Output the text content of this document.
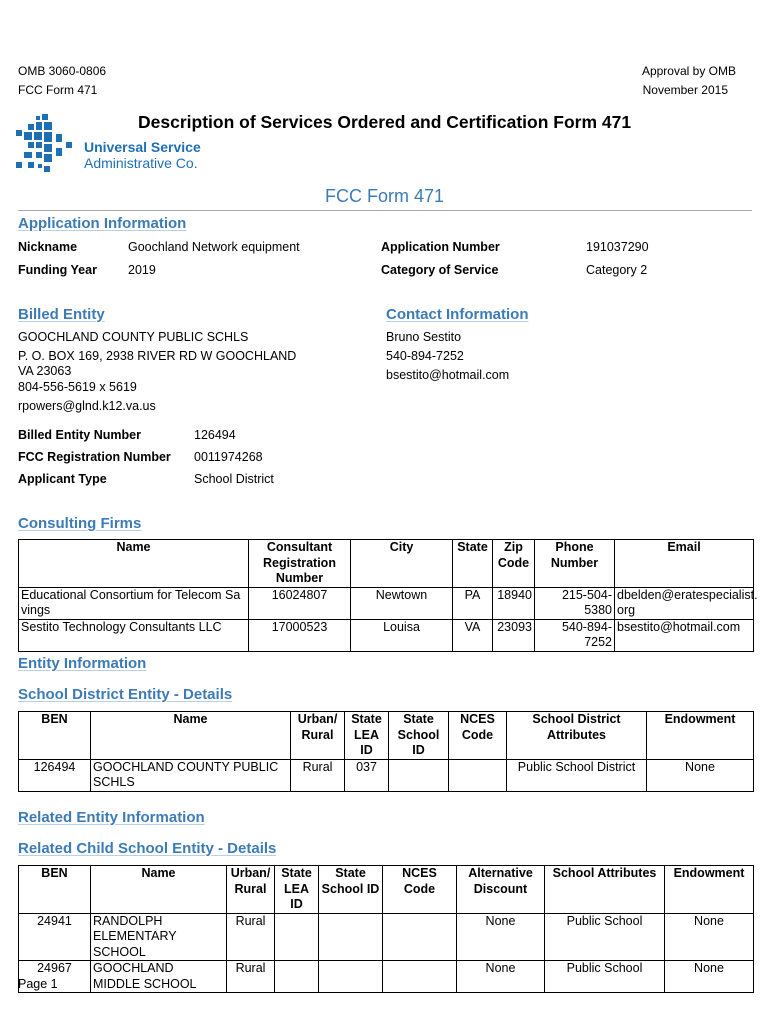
OMB 3060-0806
FCC Form 471
Approval by OMB
November 2015
Description of Services Ordered and Certification Form 471
Universal Service
Administrative Co.
FCC Form 471
Application Information
Nickname	Goochland Network equipment	Application Number	191037290
Funding Year 2019	Category of Service	Category 2
Billed Entity
GOOCHLAND COUNTY PUBLIC SCHLS
P. O. BOX 169, 2938 RIVER RD W GOOCHLAND
VA 23063
804-556-5619 x 5619
rpowers@glnd.k12.va.us
Contact Information
Bruno Sestito
540-894-7252
bsestito@hotmail.com
Billed Entity Number	126494
FCC Registration Number 0011974268
Applicant Type	School District
Consulting Firms
Name	Consultant Registration Number	City	State	Zip Code	Phone Number	Email
Educational Consortium for Telecom Sa vings	16024807	Newtown	PA	18940	215-504-5380	dbelden@eratespecialist. org
Sestito Technology Consultants LLC	17000523	Louisa	VA	23093	540-894-7252	bsestito@hotmail.com
Entity Information
School District Entity - Details
BEN	Name	Urban/ Rural	State LEA ID	State School ID	NCES Code	School District Attributes	Endowment
126494	GOOCHLAND COUNTY PUBLIC SCHLS	Rural	037			Public School District	None
Related Entity Information
Related Child School Entity - Details
BEN	Name	Urban/ Rural	State LEA ID	State School ID	NCES Code	Alternative Discount	School Attributes	Endowment
24941	RANDOLPH ELEMENTARY SCHOOL	Rural				None	Public School	None
24967	GOOCHLAND MIDDLE SCHOOL	Rural				None	Public School	None
Page 1
